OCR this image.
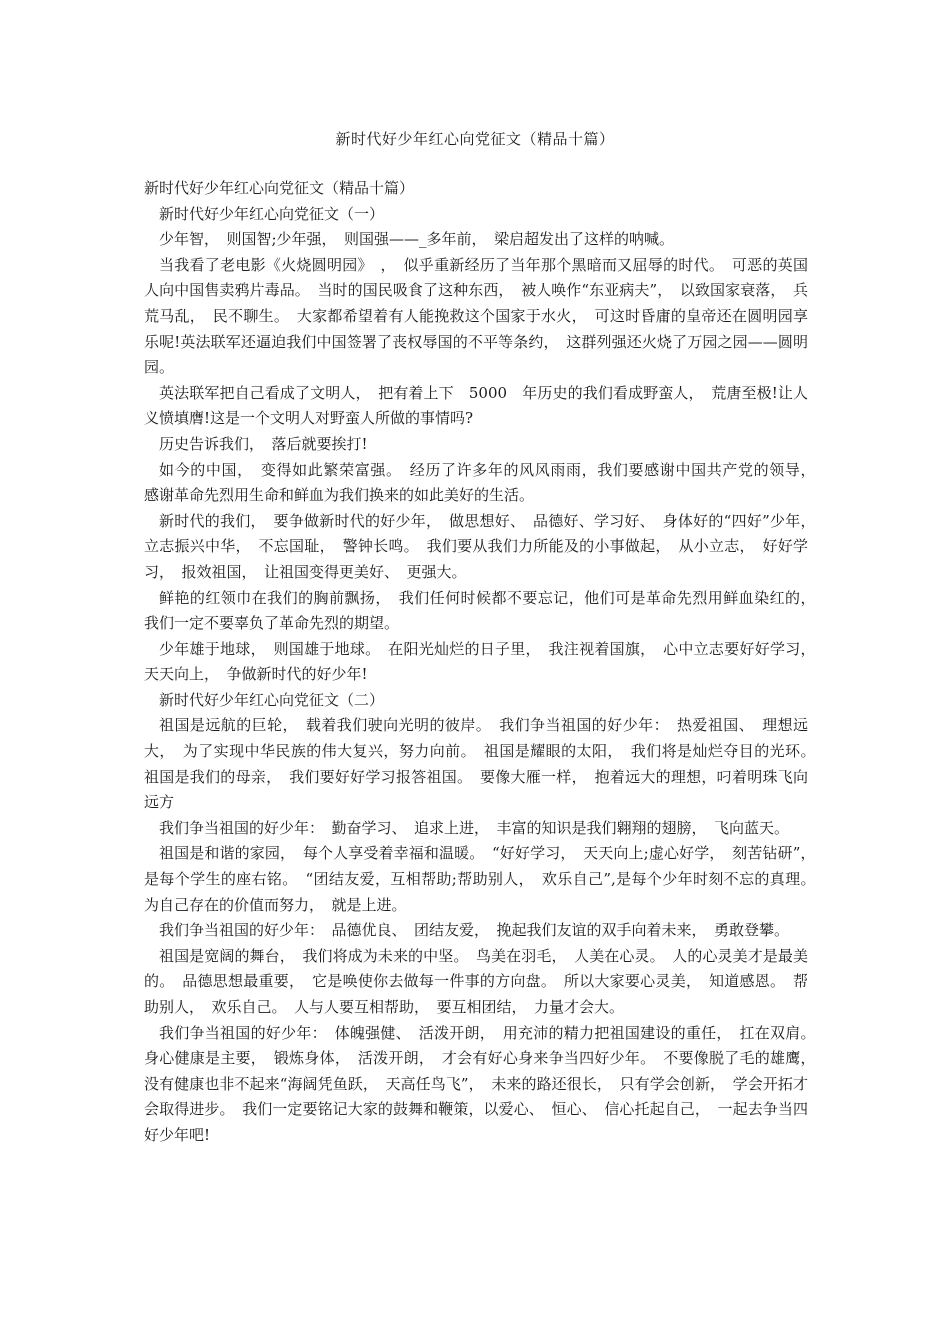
新时代好少年红心向党征文（精品十篇）

新时代好少年红心向党征文（精品十篇）

新时代好少年红心向党征文（一）

少年智，　则国智;少年强，　则国强——_多年前，　梁启超发出了这样的呐喊。

当我看了老电影《火烧圆明园》　，　似乎重新经历了当年那个黑暗而又屈辱的时代。　可恶的英国人向中国售卖鸦片毒品。　当时的国民吸食了这种东西，　被人唤作“东亚病夫”，　以致国家衰落，　兵荒马乱，　民不聊生。　大家都希望着有人能挽救这个国家于水火，　可这时昏庸的皇帝还在圆明园享乐呢!英法联军还逼迫我们中国签署了丧权辱国的不平等条约，　这群列强还火烧了万园之园——圆明园。

英法联军把自己看成了文明人，　把有着上下　5000　年历史的我们看成野蛮人，　荒唐至极!让人义愤填膺!这是一个文明人对野蛮人所做的事情吗?

历史告诉我们，　落后就要挨打!

如今的中国，　变得如此繁荣富强。　经历了许多年的风风雨雨，我们要感谢中国共产党的领导，　感谢革命先烈用生命和鲜血为我们换来的如此美好的生活。

新时代的我们，　要争做新时代的好少年，　做思想好、　品德好、学习好、　身体好的“四好”少年，　立志振兴中华，　不忘国耻，　警钟长鸣。　我们要从我们力所能及的小事做起，　从小立志，　好好学习，　报效祖国，　让祖国变得更美好、　更强大。

鲜艳的红领巾在我们的胸前飘扬，　我们任何时候都不要忘记，他们可是革命先烈用鲜血染红的，　我们一定不要辜负了革命先烈的期望。

少年雄于地球，　则国雄于地球。　在阳光灿烂的日子里，　我注视着国旗，　心中立志要好好学习，　天天向上，　争做新时代的好少年!

新时代好少年红心向党征文（二）

祖国是远航的巨轮，　载着我们驶向光明的彼岸。　我们争当祖国的好少年：　热爱祖国、　理想远大，　为了实现中华民族的伟大复兴，努力向前。　祖国是耀眼的太阳，　我们将是灿烂夺目的光环。　祖国是我们的母亲，　我们要好好学习报答祖国。　要像大雁一样，　抱着远大的理想，叼着明珠飞向远方

我们争当祖国的好少年：　勤奋学习、　追求上进，　丰富的知识是我们翱翔的翅膀，　飞向蓝天。

祖国是和谐的家园，　每个人享受着幸福和温暖。　“好好学习，　天天向上;虚心好学，　刻苦钻研”，　是每个学生的座右铭。　“团结友爱，互相帮助;帮助别人，　欢乐自己”,是每个少年时刻不忘的真理。　为自己存在的价值而努力，　就是上进。

我们争当祖国的好少年：　品德优良、　团结友爱，　挽起我们友谊的双手向着未来，　勇敢登攀。

祖国是宽阔的舞台，　我们将成为未来的中坚。　鸟美在羽毛，　人美在心灵。　人的心灵美才是最美的。　品德思想最重要，　它是唤使你去做每一件事的方向盘。　所以大家要心灵美，　知道感恩。　帮助别人，　欢乐自己。　人与人要互相帮助，　要互相团结，　力量才会大。

我们争当祖国的好少年：　体魄强健、　活泼开朗，　用充沛的精力把祖国建设的重任，　扛在双肩。　身心健康是主要，　锻炼身体，　活泼开朗，　才会有好心身来争当四好少年。　不要像脱了毛的雄鹰，　没有健康也非不起来“海阔凭鱼跃，　天高任鸟飞”，　未来的路还很长，　只有学会创新，　学会开拓才会取得进步。　我们一定要铭记大家的鼓舞和鞭策，以爱心、　恒心、　信心托起自己，　一起去争当四好少年吧!
